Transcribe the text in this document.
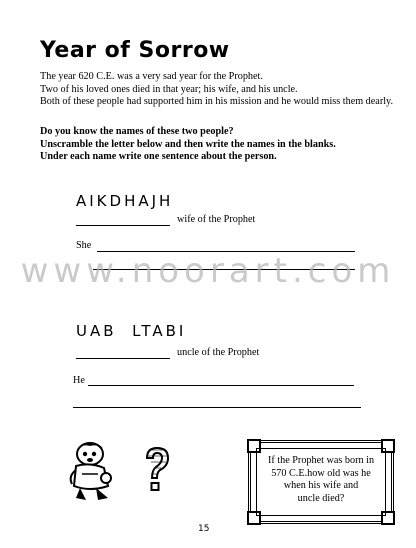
Year of Sorrow
The year 620 C.E. was a very sad year for the Prophet.
Two of his loved ones died in that year; his wife, and his uncle.
Both of these people had supported him in his mission and he would miss them dearly.
Do you know the names of these two people?
Unscramble the letter below and then write the names in the blanks.
Under each name write one sentence about the person.
AIKDHAJH
wife of the Prophet
She
www.noorart.com
UAB  LTABI
uncle of the Prophet
He
If the Prophet was born in
570 C.E.how old was he
when his wife and
uncle died?
15
